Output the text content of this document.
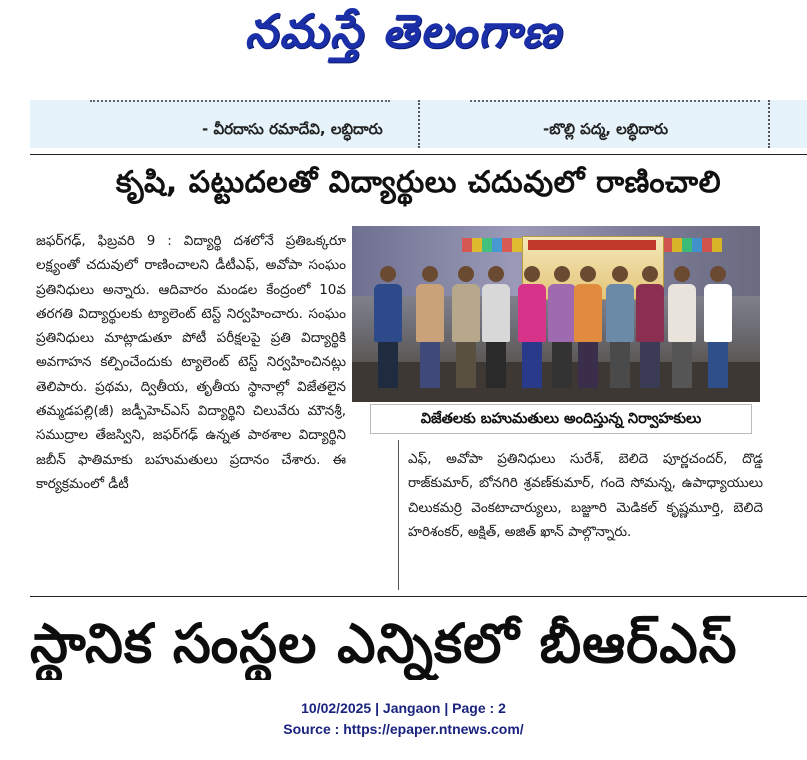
నమస్తే తెలంగాణ
- వీరదాసు రమాదేవి, లబ్ధిదారు	-బొల్లి పద్మ, లబ్ధిదారు
కృషి, పట్టుదలతో విద్యార్థులు చదువులో రాణించాలి

జఫర్‌గఢ్, ఫిబ్రవరి 9 : విద్యార్థి దశలోనే ప్రతిఒక్కరూ లక్ష్యంతో చదువులో రాణించాలని డీటీఎఫ్, అవోపా సంఘం ప్రతినిధులు అన్నారు. ఆదివారం మండల కేంద్రంలో 10వ తరగతి విద్యార్థులకు ట్యాలెంట్ టెస్ట్ నిర్వహించారు. సంఘం ప్రతినిధులు మాట్లాడుతూ పోటీ పరీక్షలపై ప్రతి విద్యార్థికి అవగాహన కల్పించేందుకు ట్యాలెంట్ టెస్ట్ నిర్వహించినట్లు తెలిపారు. ప్రథమ, ద్వితీయ, తృతీయ స్థానాల్లో విజేతలైన తమ్మడపల్లి(జీ) జడ్పీహెచ్ఎస్ విద్యార్థిని చిలువేరు మౌనశ్రీ, సముద్రాల తేజస్విని, జఫర్‌గఢ్ ఉన్నత పాఠశాల విద్యార్థిని జబీన్ ఫాతిమాకు బహుమతులు ప్రదానం చేశారు. ఈ కార్యక్రమంలో డీటీ

విజేతలకు బహుమతులు అందిస్తున్న నిర్వాహకులు

ఎఫ్, అవోపా ప్రతినిధులు సురేశ్, బెలిదె పూర్ణచందర్, దొడ్డ రాజ్‌కుమార్, బోనగిరి శ్రవణ్‌కుమార్, గందె సోమన్న, ఉపాధ్యాయులు చిలుకమర్రి వెంకటాచార్యులు, బజ్జూరి మెడికల్ కృష్ణమూర్తి, బెలిదె హరిశంకర్, అక్షిత్, అజిత్ ఖాన్ పాల్గొన్నారు.

స్థానిక సంస్థల ఎన్నికలో బీఆర్ఎస్
10/02/2025 | Jangaon | Page : 2
Source : https://epaper.ntnews.com/
